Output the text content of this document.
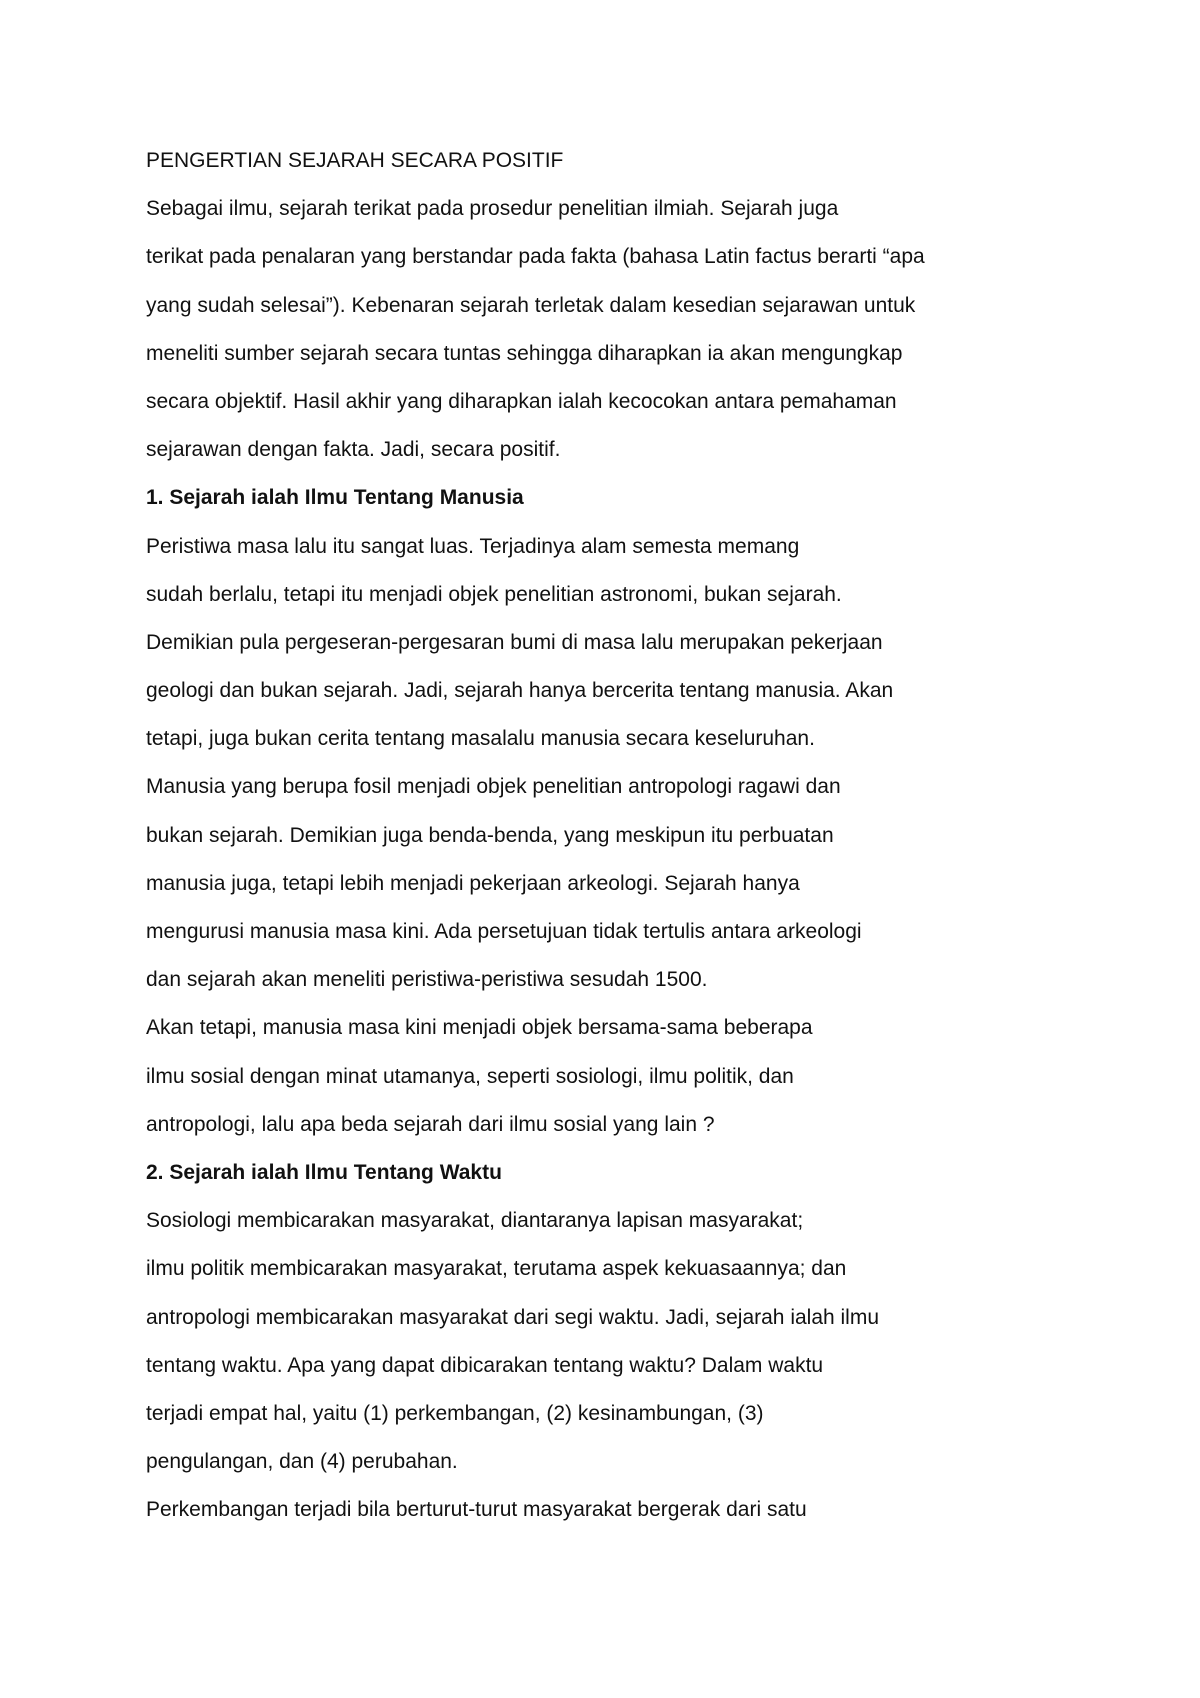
PENGERTIAN SEJARAH SECARA POSITIF
Sebagai ilmu, sejarah terikat pada prosedur penelitian ilmiah. Sejarah juga
terikat pada penalaran yang berstandar pada fakta (bahasa Latin factus berarti “apa
yang sudah selesai”). Kebenaran sejarah terletak dalam kesedian sejarawan untuk
meneliti sumber sejarah secara tuntas sehingga diharapkan ia akan mengungkap
secara objektif. Hasil akhir yang diharapkan ialah kecocokan antara pemahaman
sejarawan dengan fakta. Jadi, secara positif.
1. Sejarah ialah Ilmu Tentang Manusia
Peristiwa masa lalu itu sangat luas. Terjadinya alam semesta memang
sudah berlalu, tetapi itu menjadi objek penelitian astronomi, bukan sejarah.
Demikian pula pergeseran-pergesaran bumi di masa lalu merupakan pekerjaan
geologi dan bukan sejarah. Jadi, sejarah hanya bercerita tentang manusia. Akan
tetapi, juga bukan cerita tentang masalalu manusia secara keseluruhan.
Manusia yang berupa fosil menjadi objek penelitian antropologi ragawi dan
bukan sejarah. Demikian juga benda-benda, yang meskipun itu perbuatan
manusia juga, tetapi lebih menjadi pekerjaan arkeologi. Sejarah hanya
mengurusi manusia masa kini. Ada persetujuan tidak tertulis antara arkeologi
dan sejarah akan meneliti peristiwa-peristiwa sesudah 1500.
Akan tetapi, manusia masa kini menjadi objek bersama-sama beberapa
ilmu sosial dengan minat utamanya, seperti sosiologi, ilmu politik, dan
antropologi, lalu apa beda sejarah dari ilmu sosial yang lain ?
2. Sejarah ialah Ilmu Tentang Waktu
Sosiologi membicarakan masyarakat, diantaranya lapisan masyarakat;
ilmu politik membicarakan masyarakat, terutama aspek kekuasaannya; dan
antropologi membicarakan masyarakat dari segi waktu. Jadi, sejarah ialah ilmu
tentang waktu. Apa yang dapat dibicarakan tentang waktu? Dalam waktu
terjadi empat hal, yaitu (1) perkembangan, (2) kesinambungan, (3)
pengulangan, dan (4) perubahan.
Perkembangan terjadi bila berturut-turut masyarakat bergerak dari satu
